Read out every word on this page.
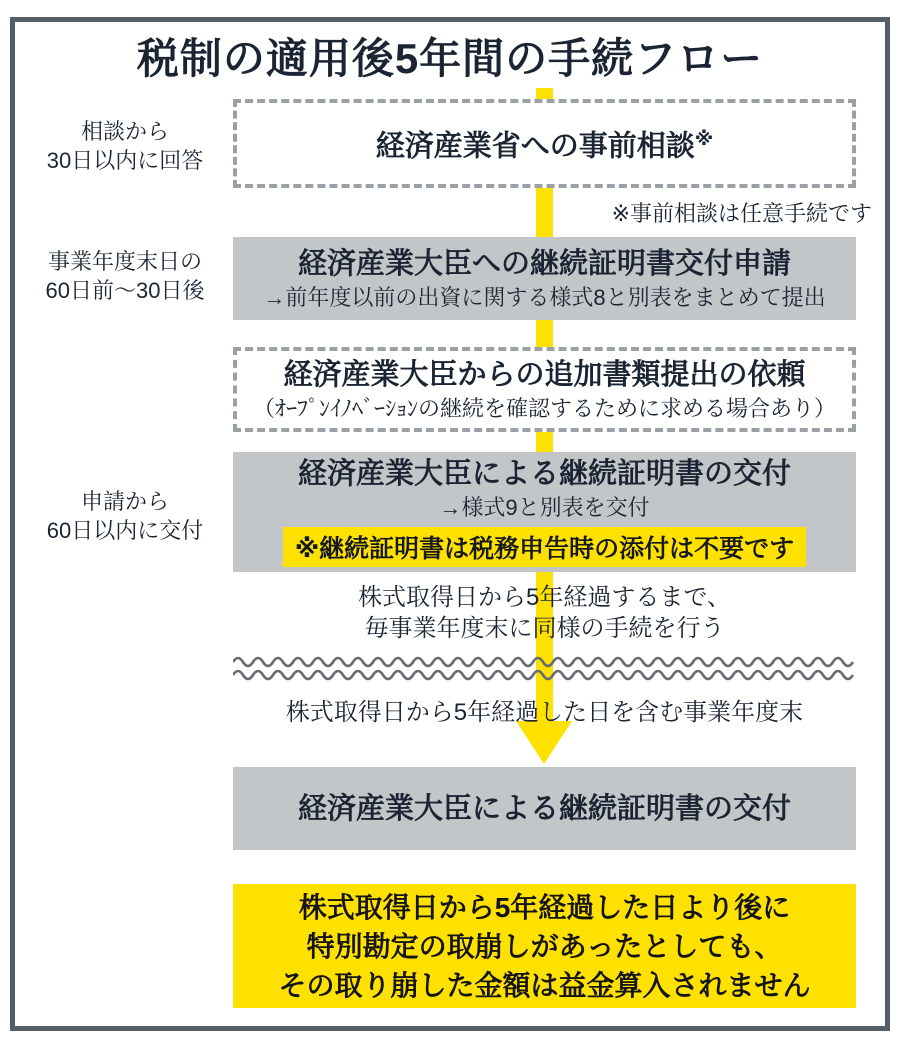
税制の適用後5年間の手続フロー
相談から
30日以内に回答
事業年度末日の
60日前～30日後
申請から
60日以内に交付
経済産業省への事前相談※
※事前相談は任意手続です
経済産業大臣への継続証明書交付申請
→前年度以前の出資に関する様式8と別表をまとめて提出
経済産業大臣からの追加書類提出の依頼
（ｵｰﾌﾟﾝｲﾉﾍﾞｰｼｮﾝの継続を確認するために求める場合あり）
経済産業大臣による継続証明書の交付
→様式9と別表を交付
※継続証明書は税務申告時の添付は不要です
株式取得日から5年経過するまで、
毎事業年度末に同様の手続を行う
株式取得日から5年経過した日を含む事業年度末
経済産業大臣による継続証明書の交付
株式取得日から5年経過した日より後に
特別勘定の取崩しがあったとしても、
その取り崩した金額は益金算入されません
